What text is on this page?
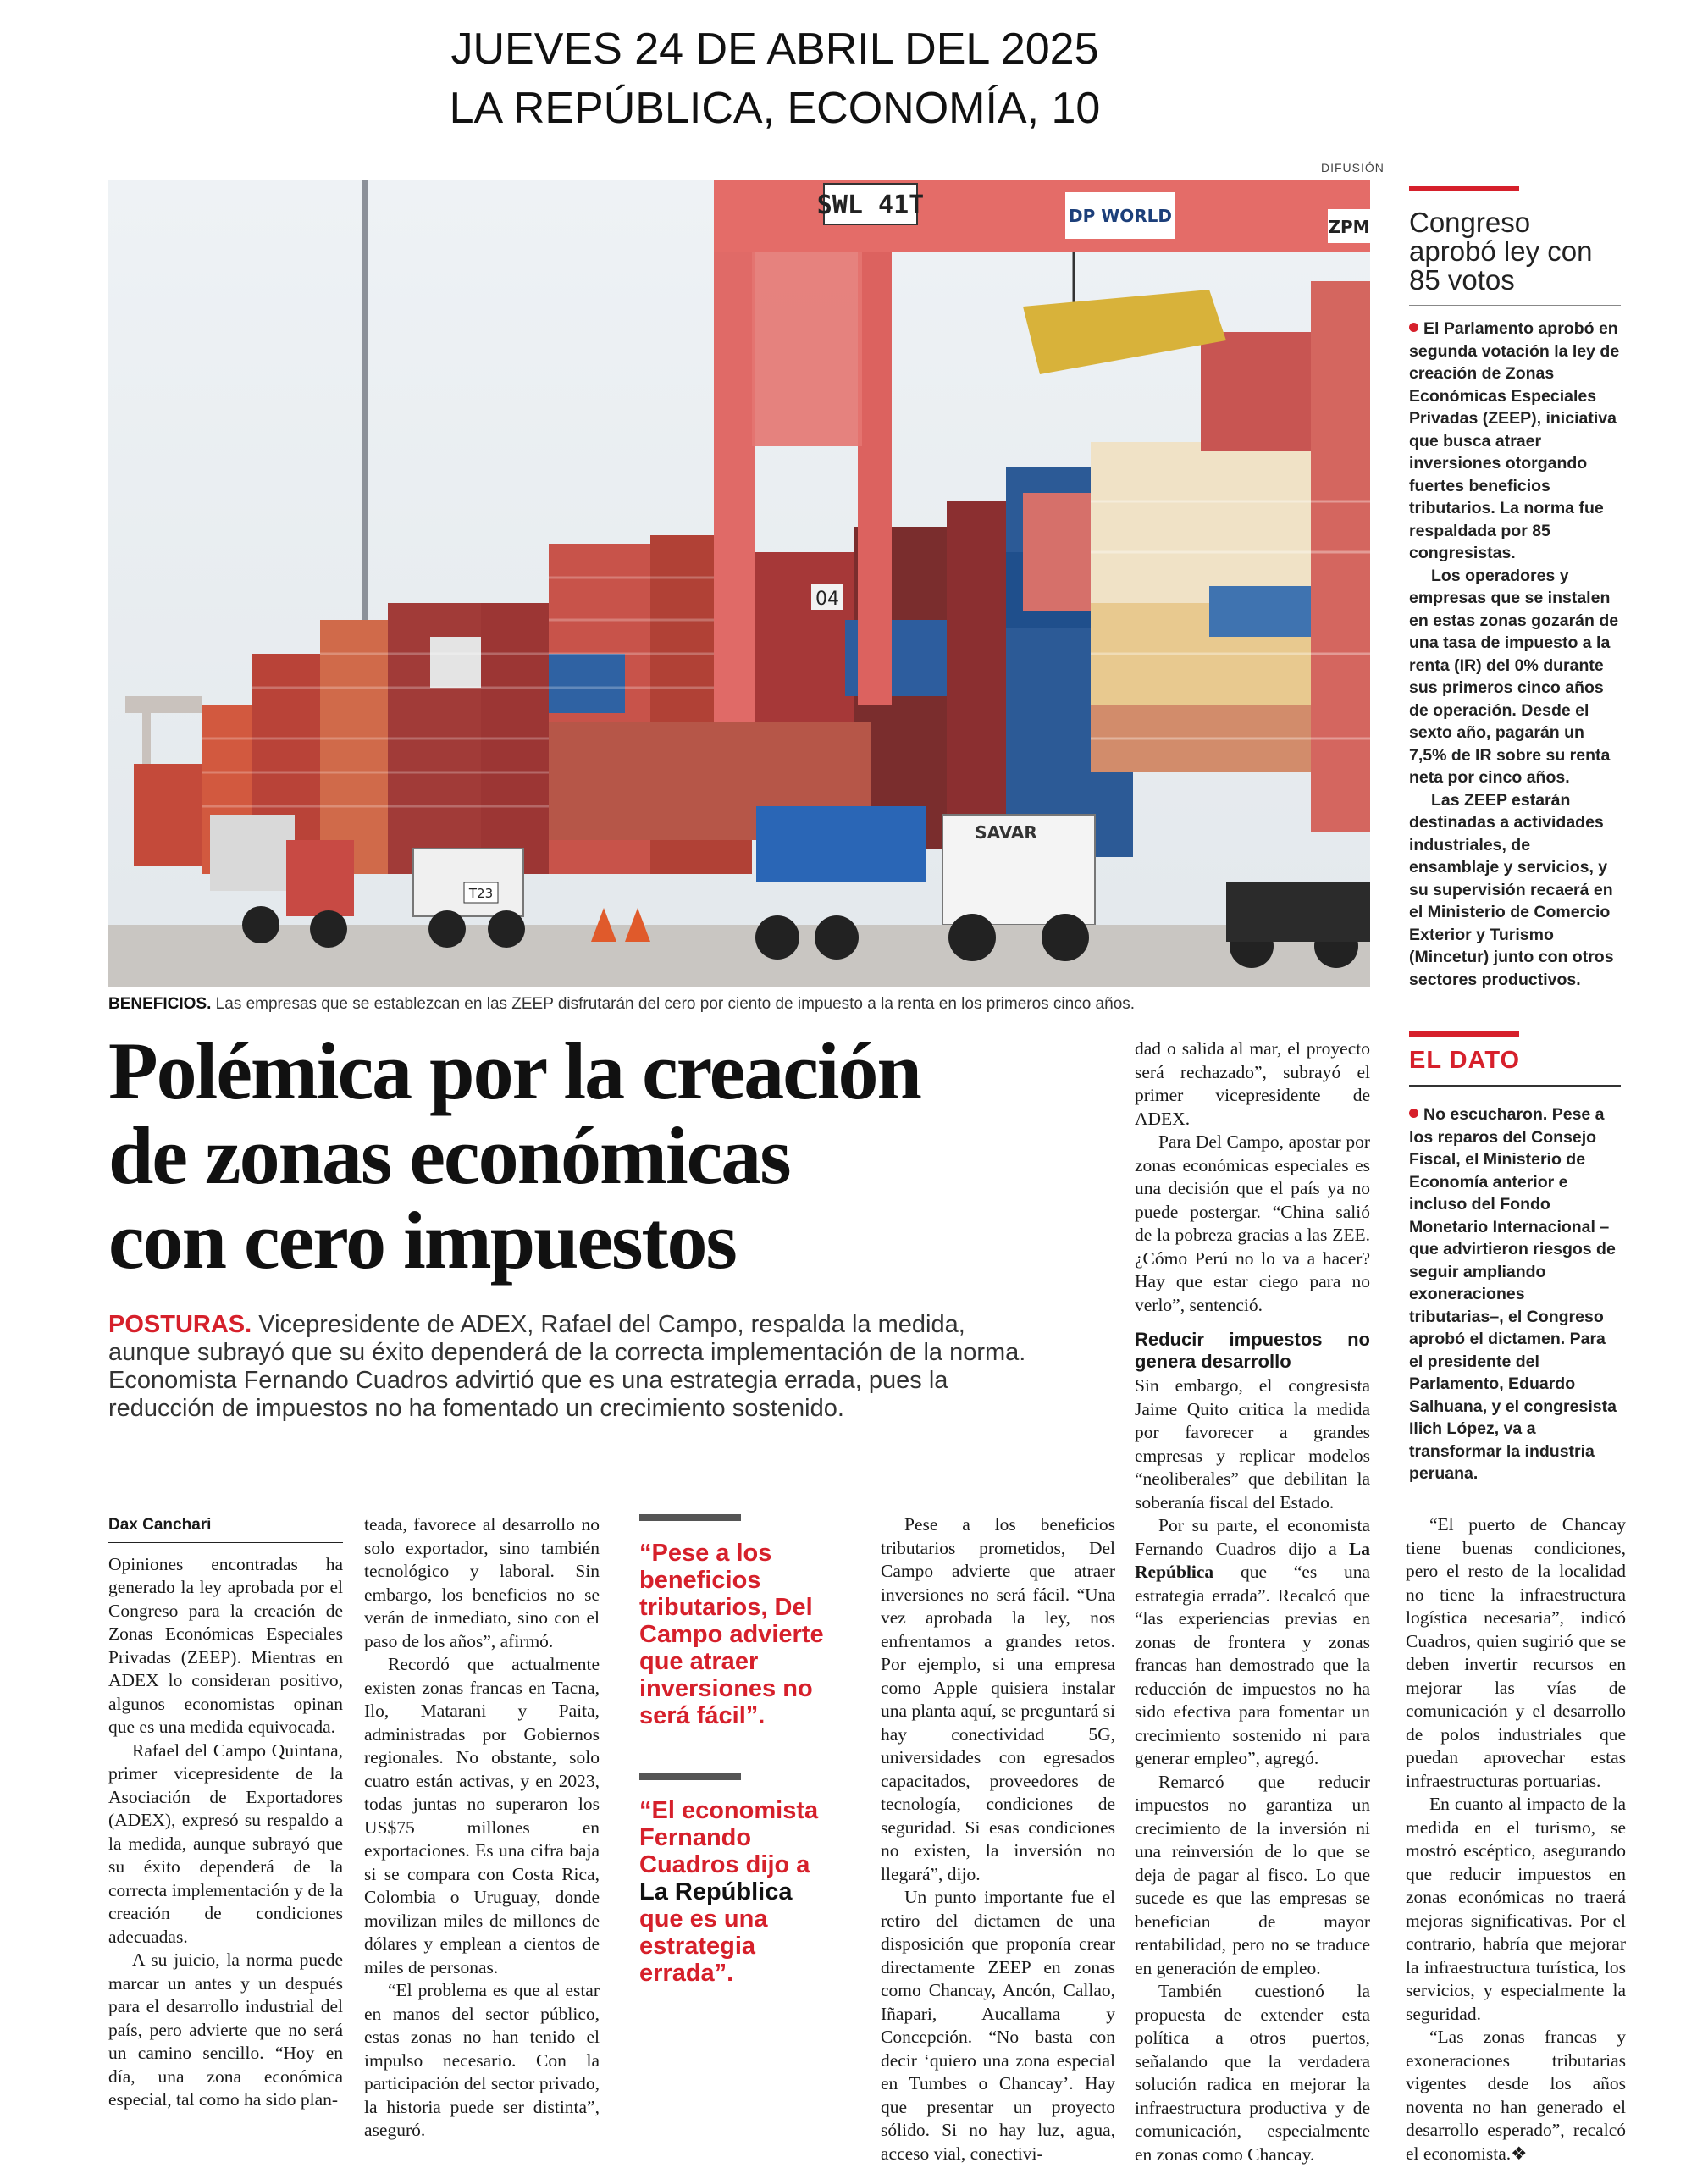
JUEVES 24 DE ABRIL DEL 2025
LA REPÚBLICA, ECONOMÍA, 10
DIFUSIÓN
SWL 41T	DP WORLD
ZPM
04
SAVAR
T23
BENEFICIOS. Las empresas que se establezcan en las ZEEP disfrutarán del cero por ciento de impuesto a la renta en los primeros cinco años.
Polémica por la creación
de zonas económicas
con cero impuestos
POSTURAS. Vicepresidente de ADEX, Rafael del Campo, respalda la medida, aunque subrayó que su éxito dependerá de la correcta implementación de la norma. Economista Fernando Cuadros advirtió que es una estrategia errada, pues la reducción de impuestos no ha fomentado un crecimiento sostenido.
Dax Canchari

Opiniones encontradas ha generado la ley aprobada por el Congreso para la creación de Zonas Económicas Especiales Privadas (ZEEP). Mientras en ADEX lo consideran positivo, algunos economistas opinan que es una medida equivocada.

Rafael del Campo Quintana, primer vicepresidente de la Asociación de Exportadores (ADEX), expresó su respaldo a la medida, aunque subrayó que su éxito dependerá de la correcta implementación y de la creación de condiciones adecuadas.

A su juicio, la norma puede marcar un antes y un después para el desarrollo industrial del país, pero advierte que no será un camino sencillo. “Hoy en día, una zona económica especial, tal como ha sido plan-

teada, favorece al desarrollo no solo exportador, sino también tecnológico y laboral. Sin embargo, los beneficios no se verán de inmediato, sino con el paso de los años”, afirmó.

Recordó que actualmente existen zonas francas en Tacna, Ilo, Matarani y Paita, administradas por Gobiernos regionales. No obstante, solo cuatro están activas, y en 2023, todas juntas no superaron los US$75 millones en exportaciones. Es una cifra baja si se compara con Costa Rica, Colombia o Uruguay, donde movilizan miles de millones de dólares y emplean a cientos de miles de personas.

“El problema es que al estar en manos del sector público, estas zonas no han tenido el impulso necesario. Con la participación del sector privado, la historia puede ser distinta”, aseguró.

“Pese a los beneficios tributarios, Del Campo advierte que atraer inversiones no será fácil”.
“El economista Fernando Cuadros dijo a La República que es una estrategia errada”.

Pese a los beneficios tributarios prometidos, Del Campo advierte que atraer inversiones no será fácil. “Una vez aprobada la ley, nos enfrentamos a grandes retos. Por ejemplo, si una empresa como Apple quisiera instalar una planta aquí, se preguntará si hay conectividad 5G, universidades con egresados capacitados, proveedores de tecnología, condiciones de seguridad. Si esas condiciones no existen, la inversión no llegará”, dijo.

Un punto importante fue el retiro del dictamen de una disposición que proponía crear directamente ZEEP en zonas como Chancay, Ancón, Callao, Iñapari, Aucallama y Concepción. “No basta con decir ‘quiero una zona especial en Tumbes o Chancay’. Hay que presentar un proyecto sólido. Si no hay luz, agua, acceso vial, conectivi-

dad o salida al mar, el proyecto será rechazado”, subrayó el primer vicepresidente de ADEX.

Para Del Campo, apostar por zonas económicas especiales es una decisión que el país ya no puede postergar. “China salió de la pobreza gracias a las ZEE. ¿Cómo Perú no lo va a hacer? Hay que estar ciego para no verlo”, sentenció.

Reducir impuestos no genera desarrollo

Sin embargo, el congresista Jaime Quito critica la medida por favorecer a grandes empresas y replicar modelos “neoliberales” que debilitan la soberanía fiscal del Estado.

Por su parte, el economista Fernando Cuadros dijo a La República que “es una estrategia errada”. Recalcó que “las experiencias previas en zonas de frontera y zonas francas han demostrado que la reducción de impuestos no ha sido efectiva para fomentar un crecimiento sostenido ni para generar empleo”, agregó.

Remarcó que reducir impuestos no garantiza un crecimiento de la inversión ni una reinversión de lo que se deja de pagar al fisco. Lo que sucede es que las empresas se benefician de mayor rentabilidad, pero no se traduce en generación de empleo.

También cuestionó la propuesta de extender esta política a otros puertos, señalando que la verdadera solución radica en mejorar la infraestructura productiva y de comunicación, especialmente en zonas como Chancay.

“El puerto de Chancay tiene buenas condiciones, pero el resto de la localidad no tiene la infraestructura logística necesaria”, indicó Cuadros, quien sugirió que se deben invertir recursos en mejorar las vías de comunicación y el desarrollo de polos industriales que puedan aprovechar estas infraestructuras portuarias.

En cuanto al impacto de la medida en el turismo, se mostró escéptico, asegurando que reducir impuestos en zonas económicas no traerá mejoras significativas. Por el contrario, habría que mejorar la infraestructura turística, los servicios, y especialmente la seguridad.

“Las zonas francas y exoneraciones tributarias vigentes desde los años noventa no han generado el desarrollo esperado”, recalcó el economista.❖

Congreso aprobó ley con 85 votos

El Parlamento aprobó en segunda votación la ley de creación de Zonas Económicas Especiales Privadas (ZEEP), iniciativa que busca atraer inversiones otorgando fuertes beneficios tributarios. La norma fue respaldada por 85 congresistas.

Los operadores y empresas que se instalen en estas zonas gozarán de una tasa de impuesto a la renta (IR) del 0% durante sus primeros cinco años de operación. Desde el sexto año, pagarán un 7,5% de IR sobre su renta neta por cinco años.

Las ZEEP estarán destinadas a actividades industriales, de ensamblaje y servicios, y su supervisión recaerá en el Ministerio de Comercio Exterior y Turismo (Mincetur) junto con otros sectores productivos.

EL DATO
No escucharon. Pese a los reparos del Consejo Fiscal, el Ministerio de Economía anterior e incluso del Fondo Monetario Internacional –que advirtieron riesgos de seguir ampliando exoneraciones tributarias–, el Congreso aprobó el dictamen. Para el presidente del Parlamento, Eduardo Salhuana, y el congresista Ilich López, va a transformar la industria peruana.
